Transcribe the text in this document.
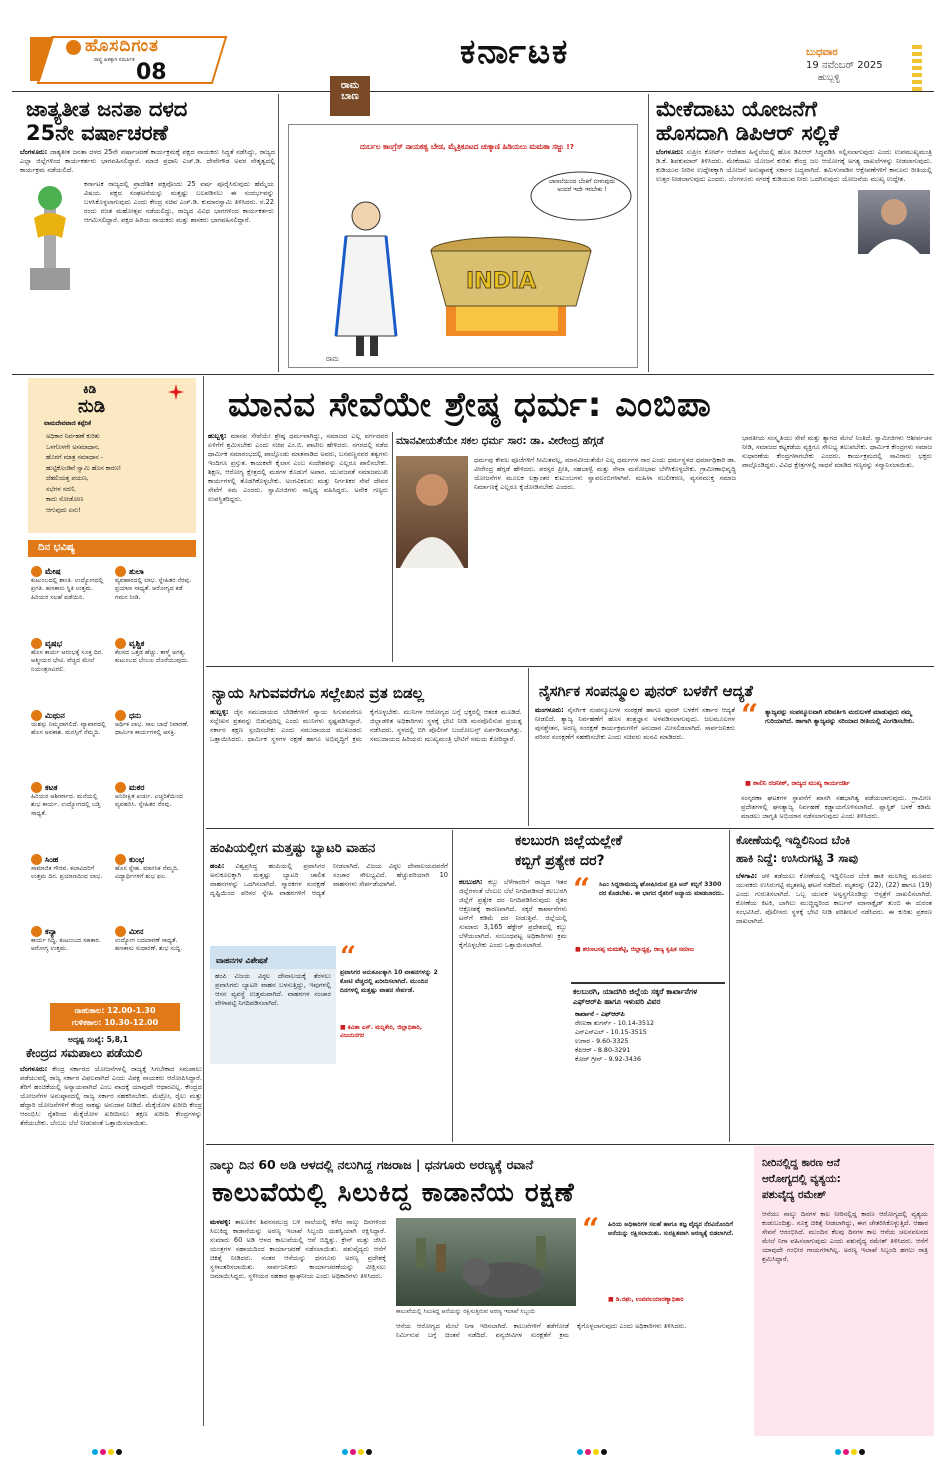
ಹೊಸದಿಗಂತ
ರಾಷ್ಟ್ರ ಹಿತಕ್ಕಾಗಿ ಸಮರ್ಪಿತ 08
ಕರ್ನಾಟಕ	ಬುಧವಾರ
19 ನವೆಂಬರ್ 2025
ಹುಬ್ಬಳ್ಳಿ
ಜಾತ್ಯತೀತ ಜನತಾ ದಳದ
25ನೇ ವರ್ಷಾಚರಣೆ
ಬೆಂಗಳೂರು: ಜಾತ್ಯತೀತ ಜನತಾ ದಳದ 25ನೇ ವರ್ಷಾಚರಣೆ ಕಾರ್ಯಕ್ರಮಕ್ಕೆ ಪಕ್ಷದ ನಾಯಕರು ಸಿದ್ಧತೆ ನಡೆಸಿದ್ದು, ರಾಜ್ಯದ ಎಲ್ಲಾ ಜಿಲ್ಲೆಗಳಿಂದ ಕಾರ್ಯಕರ್ತರು ಭಾಗವಹಿಸಲಿದ್ದಾರೆ. ಮಾಜಿ ಪ್ರಧಾನಿ ಎಚ್.ಡಿ. ದೇವೇಗೌಡ ಅವರ ನೇತೃತ್ವದಲ್ಲಿ ಕಾರ್ಯಕ್ರಮ ನಡೆಯಲಿದೆ.
ಕರ್ನಾಟಕ ರಾಜ್ಯದಲ್ಲಿ ಪ್ರಾದೇಶಿಕ ಪಕ್ಷವೊಂದು 25 ವರ್ಷ ಪೂರೈಸಿರುವುದು ಹೆಮ್ಮೆಯ ವಿಷಯ. ಪಕ್ಷದ ಸಂಘಟನೆಯನ್ನು ಮತ್ತಷ್ಟು ಬಲಪಡಿಸಲು ಈ ಸಂದರ್ಭವನ್ನು ಬಳಸಿಕೊಳ್ಳಲಾಗುವುದು ಎಂದು ಕೇಂದ್ರ ಸಚಿವ ಎಚ್.ಡಿ. ಕುಮಾರಸ್ವಾಮಿ ತಿಳಿಸಿದರು. ನ.22 ರಂದು ರಜತ ಮಹೋತ್ಸವ ನಡೆಯಲಿದ್ದು, ರಾಜ್ಯದ ವಿವಿಧ ಭಾಗಗಳಿಂದ ಕಾರ್ಯಕರ್ತರು ಆಗಮಿಸಲಿದ್ದಾರೆ. ಪಕ್ಷದ ಹಿರಿಯ ನಾಯಕರು ಮತ್ತು ಶಾಸಕರು ಭಾಗವಹಿಸಲಿದ್ದಾರೆ.
ರಾಮ
ಬಾಣ
ದುರ್ಬಲ ಕಾಂಗ್ರೆಸ್ ನಾಯಕತ್ವ ಬೇಡ, ಮೈತ್ರಿಕೂಟದ ಚುಕ್ಕಾಣಿ ಹಿಡಿಯಲು ಮಮತಾ ಸಜ್ಜು !?
INDIA
ರಾಮ
ಬಾಣಲೆಯಿಂದ ಬೆಂಕಿಗೆ ಬೀಳುವುದು ಅಂದರೆ ಇದೇ ಇರಬೇಕು !
ಮೇಕೆದಾಟು ಯೋಜನೆಗೆ
ಹೊಸದಾಗಿ ಡಿಪಿಆರ್ ಸಲ್ಲಿಕೆ
ಬೆಂಗಳೂರು: ಸುಪ್ರೀಂ ಕೋರ್ಟ್ ಆದೇಶದ ಹಿನ್ನೆಲೆಯಲ್ಲಿ ಹೊಸ ಡಿಪಿಆರ್ ಸಿದ್ಧಪಡಿಸಿ ಸಲ್ಲಿಸಲಾಗುವುದು ಎಂದು ಉಪಮುಖ್ಯಮಂತ್ರಿ ಡಿ.ಕೆ. ಶಿವಕುಮಾರ್ ತಿಳಿಸಿದರು. ಮೇಕೆದಾಟು ಯೋಜನೆ ಕುರಿತು ಕೇಂದ್ರ ಜಲ ಆಯೋಗಕ್ಕೆ ಅಗತ್ಯ ದಾಖಲೆಗಳನ್ನು ನೀಡಲಾಗುವುದು. ಕುಡಿಯುವ ನೀರಿನ ಉದ್ದೇಶಕ್ಕಾಗಿ ಯೋಜನೆ ಅನುಷ್ಠಾನಕ್ಕೆ ಸರ್ಕಾರ ಬದ್ಧವಾಗಿದೆ. ತಮಿಳುನಾಡಿನ ಆಕ್ಷೇಪಣೆಗಳಿಗೆ ಕಾನೂನು ರೀತಿಯಲ್ಲಿ ಉತ್ತರ ನೀಡಲಾಗುವುದು ಎಂದರು. ಬೆಂಗಳೂರು ನಗರಕ್ಕೆ ಕುಡಿಯುವ ನೀರು ಒದಗಿಸುವುದು ಯೋಜನೆಯ ಮುಖ್ಯ ಉದ್ದೇಶ.
ಕಿಡಿ
ನುಡಿ
ವಾಮದೇವವಾಣಿ ಕಪ್ಪೆರಿಕೆ
ಅಧಿಕಾರ ನಿರ್ವಹಣೆ ಕುರಿತು
ಒಳಗೊಳಗೇ ಅಸಮಾಧಾನ,
ಹೊರಗೆ ಮಾತ್ರ ಸಮಾಧಾನ -
ಹುಟ್ಟಿಕೊಂಡಿವೆ ಸ್ವಾಮಿ ಹೊಸ ಕಾರಣ!
ದೆಹಲಿಯತ್ತ ಪಯಣ,
ಸಭೆಗಳ ಸರಣಿ,
ಕಾದು ನೋಡೋಣ
ಆಗುವುದು ಏನು!
ದಿನ ಭವಿಷ್ಯ
ಮೇಷ
ಕುಟುಂಬದಲ್ಲಿ ಶಾಂತಿ. ಉದ್ಯೋಗದಲ್ಲಿ ಪ್ರಗತಿ. ಹಣಕಾಸು ಸ್ಥಿತಿ ಉತ್ತಮ. ಹಿರಿಯರ ಸಲಹೆ ಪಡೆಯಿರಿ.
ತುಲಾ
ವ್ಯವಹಾರದಲ್ಲಿ ಲಾಭ. ಸ್ನೇಹಿತರ ನೆರವು. ಪ್ರಯಾಣ ಸಾಧ್ಯತೆ. ಆರೋಗ್ಯದ ಕಡೆ ಗಮನ ನೀಡಿ.
ವೃಷಭ
ಹೊಸ ಕಾರ್ಯ ಆರಂಭಕ್ಕೆ ಸೂಕ್ತ ದಿನ. ಆತ್ಮೀಯರ ಭೇಟಿ. ವೆಚ್ಚದ ಮೇಲೆ ನಿಯಂತ್ರಣವಿರಲಿ.
ವೃಶ್ಚಿಕ
ಕೆಲಸದ ಒತ್ತಡ ಹೆಚ್ಚು. ತಾಳ್ಮೆ ಅಗತ್ಯ. ಕುಟುಂಬದ ಬೆಂಬಲ ದೊರೆಯುವುದು.
ಮಿಥುನ
ಯಶಸ್ಸು ನಿಮ್ಮದಾಗಲಿದೆ. ವ್ಯಾಪಾರದಲ್ಲಿ ಹೊಸ ಅವಕಾಶ. ಮನಸ್ಸಿಗೆ ನೆಮ್ಮದಿ.
ಧನು
ಆರ್ಥಿಕ ಲಾಭ. ಸಾಲ ಬಾಧೆ ನಿವಾರಣೆ. ಧಾರ್ಮಿಕ ಕಾರ್ಯಗಳಲ್ಲಿ ಆಸಕ್ತಿ.
ಕಟಕ
ಹಿರಿಯರ ಆಶೀರ್ವಾದ. ಮನೆಯಲ್ಲಿ ಶುಭ ಕಾರ್ಯ. ಉದ್ಯೋಗದಲ್ಲಿ ಬಡ್ತಿ ಸಾಧ್ಯತೆ.
ಮಕರ
ಅನಿರೀಕ್ಷಿತ ಖರ್ಚು. ಎಚ್ಚರಿಕೆಯಿಂದ ವ್ಯವಹರಿಸಿ. ಸ್ನೇಹಿತರ ನೆರವು.
ಸಿಂಹ
ಸಾಮಾಜಿಕ ಗೌರವ. ಕಲಾವಿದರಿಗೆ ಉತ್ತಮ ದಿನ. ಪ್ರಯಾಣದಿಂದ ಲಾಭ.
ಕುಂಭ
ಹೊಸ ಸ್ನೇಹ. ಮಾನಸಿಕ ನೆಮ್ಮದಿ. ವಿದ್ಯಾರ್ಥಿಗಳಿಗೆ ಶುಭ ಫಲ.
ಕನ್ಯಾ
ಕಾರ್ಯ ಸಿದ್ಧಿ. ಕುಟುಂಬದ ಸಹಕಾರ. ಆರೋಗ್ಯ ಉತ್ತಮ.
ಮೀನ
ಉದ್ಯೋಗ ಬದಲಾವಣೆ ಸಾಧ್ಯತೆ. ಹಣಕಾಸು ಸುಧಾರಣೆ. ಶುಭ ಸುದ್ದಿ.
ರಾಹುಕಾಲ: 12.00-1.30
ಗುಳಿಕಕಾಲ: 10.30-12.00
ಅದೃಷ್ಟ ಸಂಖ್ಯೆ: 5,8,1
ಕೇಂದ್ರದ ಸಮಪಾಲು ಪಡೆಯಲಿ
ಬೆಂಗಳೂರು: ಕೇಂದ್ರ ಸರ್ಕಾರದ ಯೋಜನೆಗಳಲ್ಲಿ ರಾಜ್ಯಕ್ಕೆ ಸಿಗಬೇಕಾದ ಸಮಪಾಲು ಪಡೆಯುವಲ್ಲಿ ರಾಜ್ಯ ಸರ್ಕಾರ ವಿಫಲವಾಗಿದೆ ಎಂದು ವಿಪಕ್ಷ ನಾಯಕರು ಆರೋಪಿಸಿದ್ದಾರೆ. ತೆರಿಗೆ ಹಂಚಿಕೆಯಲ್ಲಿ ಅನ್ಯಾಯವಾಗಿದೆ ಎಂಬ ವಾದಕ್ಕೆ ಯಾವುದೇ ಆಧಾರವಿಲ್ಲ. ಕೇಂದ್ರದ ಯೋಜನೆಗಳ ಅನುಷ್ಠಾನದಲ್ಲಿ ರಾಜ್ಯ ಸರ್ಕಾರ ಸಹಕರಿಸಬೇಕು. ಮೆಟ್ರೋ, ರೈಲು ಮತ್ತು ಹೆದ್ದಾರಿ ಯೋಜನೆಗಳಿಗೆ ಕೇಂದ್ರ ಸಾಕಷ್ಟು ಅನುದಾನ ನೀಡಿದೆ. ಮೆಕ್ಕೆಜೋಳ ಖರೀದಿ ಕೇಂದ್ರ ಆರಂಭಿಸಿ: ರೈತರಿಂದ ಮೆಕ್ಕೆಜೋಳ ಖರೀದಿಸಲು ತಕ್ಷಣ ಖರೀದಿ ಕೇಂದ್ರಗಳನ್ನು ತೆರೆಯಬೇಕು. ಬೆಂಬಲ ಬೆಲೆ ನೀಡುವಂತೆ ಒತ್ತಾಯಿಸಲಾಯಿತು.
ಮಾನವ ಸೇವೆಯೇ ಶ್ರೇಷ್ಠ ಧರ್ಮ: ಎಂಬಿಪಾ
ಹುಬ್ಬಳ್ಳಿ: ಮಾನವ ಸೇವೆಯೇ ಶ್ರೇಷ್ಠ ಧರ್ಮವಾಗಿದ್ದು, ಸಮಾಜದ ಎಲ್ಲ ವರ್ಗದವರ ಏಳಿಗೆಗೆ ಶ್ರಮಿಸಬೇಕು ಎಂದು ಸಚಿವ ಎಂ.ಬಿ. ಪಾಟೀಲ ಹೇಳಿದರು. ನಗರದಲ್ಲಿ ನಡೆದ ಧಾರ್ಮಿಕ ಸಮಾರಂಭದಲ್ಲಿ ಪಾಲ್ಗೊಂಡು ಮಾತನಾಡಿದ ಅವರು, ಬಸವಣ್ಣನವರ ತತ್ವಗಳು ಇಂದಿಗೂ ಪ್ರಸ್ತುತ. ಕಾಯಕವೇ ಕೈಲಾಸ ಎಂಬ ಸಂದೇಶವನ್ನು ಎಲ್ಲರೂ ಪಾಲಿಸಬೇಕು. ಶಿಕ್ಷಣ, ಆರೋಗ್ಯ ಕ್ಷೇತ್ರದಲ್ಲಿ ಮಠಗಳ ಕೊಡುಗೆ ಅಪಾರ. ಯುವಜನತೆ ಸಮಾಜಮುಖಿ ಕಾರ್ಯಗಳಲ್ಲಿ ತೊಡಗಿಕೊಳ್ಳಬೇಕು. ಅಂಗವಿಕಲರು ಮತ್ತು ನಿರ್ಗತಿಕರ ಸೇವೆ ದೇವರ ಸೇವೆಗೆ ಸಮ ಎಂದರು. ಸ್ವಾಮೀಜಿಗಳು ಸಾನ್ನಿಧ್ಯ ವಹಿಸಿದ್ದರು. ಅನೇಕ ಗಣ್ಯರು ಉಪಸ್ಥಿತರಿದ್ದರು.
ಮಾನವೀಯತೆಯೇ ಸಕಲ ಧರ್ಮ ಸಾರ: ಡಾ. ವೀರೇಂದ್ರ ಹೆಗ್ಗಡೆ
ಧರ್ಮವು ಕೇವಲ ಪೂಜೆಗಳಿಗೆ ಸೀಮಿತವಲ್ಲ, ಮಾನವೀಯತೆಯೇ ಎಲ್ಲ ಧರ್ಮಗಳ ಸಾರ ಎಂದು ಧರ್ಮಸ್ಥಳದ ಧರ್ಮಾಧಿಕಾರಿ ಡಾ. ವೀರೇಂದ್ರ ಹೆಗ್ಗಡೆ ಹೇಳಿದರು. ಪರಸ್ಪರ ಪ್ರೀತಿ, ಸಹಬಾಳ್ವೆ ಮತ್ತು ಸೇವಾ ಮನೋಭಾವ ಬೆಳೆಸಿಕೊಳ್ಳಬೇಕು. ಗ್ರಾಮೀಣಾಭಿವೃದ್ಧಿ ಯೋಜನೆಗಳ ಮೂಲಕ ಲಕ್ಷಾಂತರ ಕುಟುಂಬಗಳು ಸ್ವಾವಲಂಬಿಗಳಾಗಿವೆ. ಮಹಿಳಾ ಸಬಲೀಕರಣ, ವ್ಯಸನಮುಕ್ತ ಸಮಾಜ ನಿರ್ಮಾಣಕ್ಕೆ ಎಲ್ಲರೂ ಕೈಜೋಡಿಸಬೇಕು ಎಂದರು.
ಭಾರತೀಯ ಸಂಸ್ಕೃತಿಯು ಸೇವೆ ಮತ್ತು ತ್ಯಾಗದ ಮೇಲೆ ನಿಂತಿದೆ. ಸ್ವಾಮೀಜಿಗಳು ಆಶೀರ್ವಚನ ನೀಡಿ, ಸಮಾಜದ ಕಟ್ಟಕಡೆಯ ವ್ಯಕ್ತಿಗೂ ಸೌಲಭ್ಯ ತಲುಪಬೇಕು. ಧಾರ್ಮಿಕ ಕೇಂದ್ರಗಳು ಸಮಾಜ ಸುಧಾರಣೆಯ ಕೇಂದ್ರಗಳಾಗಬೇಕು ಎಂದರು. ಕಾರ್ಯಕ್ರಮದಲ್ಲಿ ಸಾವಿರಾರು ಭಕ್ತರು ಪಾಲ್ಗೊಂಡಿದ್ದರು. ವಿವಿಧ ಕ್ಷೇತ್ರಗಳಲ್ಲಿ ಸಾಧನೆ ಮಾಡಿದ ಗಣ್ಯರನ್ನು ಸನ್ಮಾನಿಸಲಾಯಿತು.
ನ್ಯಾಯ ಸಿಗುವವರೆಗೂ ಸಲ್ಲೇಖನ ವ್ರತ ಬಿಡಲ್ಲ
ಹುಬ್ಬಳ್ಳಿ: ಜೈನ ಸಮುದಾಯದ ಬೇಡಿಕೆಗಳಿಗೆ ನ್ಯಾಯ ಸಿಗುವವರೆಗೂ ಸಲ್ಲೇಖನ ವ್ರತವನ್ನು ಬಿಡುವುದಿಲ್ಲ ಎಂದು ಮುನಿಗಳು ಸ್ಪಷ್ಟಪಡಿಸಿದ್ದಾರೆ. ಸರ್ಕಾರ ತಕ್ಷಣ ಸ್ಪಂದಿಸಬೇಕು ಎಂದು ಸಮುದಾಯದ ಮುಖಂಡರು ಒತ್ತಾಯಿಸಿದರು. ಧಾರ್ಮಿಕ ಸ್ಥಳಗಳ ರಕ್ಷಣೆ ಹಾಗೂ ಅಭಿವೃದ್ಧಿಗೆ ಕ್ರಮ ಕೈಗೊಳ್ಳಬೇಕು. ಮುನಿಗಳ ಆರೋಗ್ಯದ ಬಗ್ಗೆ ಭಕ್ತರಲ್ಲಿ ಆತಂಕ ಮೂಡಿದೆ. ಜಿಲ್ಲಾಡಳಿತ ಅಧಿಕಾರಿಗಳು ಸ್ಥಳಕ್ಕೆ ಭೇಟಿ ನೀಡಿ ಮನವೊಲಿಸುವ ಪ್ರಯತ್ನ ನಡೆಸಿದರು. ಸ್ಥಳದಲ್ಲಿ ಬಿಗಿ ಪೊಲೀಸ್ ಬಂದೋಬಸ್ತ್ ಏರ್ಪಡಿಸಲಾಗಿತ್ತು. ಸಮುದಾಯದ ಹಿರಿಯರು ಮುಖ್ಯಮಂತ್ರಿ ಭೇಟಿಗೆ ಸಮಯ ಕೋರಿದ್ದಾರೆ.
ನೈಸರ್ಗಿಕ ಸಂಪನ್ಮೂಲ ಪುನರ್ ಬಳಕೆಗೆ ಆದ್ಯತೆ
ಮಂಗಳೂರು: ನೈಸರ್ಗಿಕ ಸಂಪನ್ಮೂಲಗಳ ಸಂರಕ್ಷಣೆ ಹಾಗೂ ಪುನರ್ ಬಳಕೆಗೆ ಸರ್ಕಾರ ಆದ್ಯತೆ ನೀಡಲಿದೆ. ತ್ಯಾಜ್ಯ ನಿರ್ವಹಣೆಗೆ ಹೊಸ ತಂತ್ರಜ್ಞಾನ ಅಳವಡಿಸಲಾಗುವುದು. ಜಲಮೂಲಗಳ ಪುನಶ್ಚೇತನ, ಅರಣ್ಯ ಸಂರಕ್ಷಣೆ ಕಾರ್ಯಕ್ರಮಗಳಿಗೆ ಅನುದಾನ ಮೀಸಲಿಡಲಾಗಿದೆ. ಸಾರ್ವಜನಿಕರು ಪರಿಸರ ಸಂರಕ್ಷಣೆಗೆ ಸಹಕರಿಸಬೇಕು ಎಂದು ಸಚಿವರು ಮನವಿ ಮಾಡಿದರು.
“ ತ್ಯಾಜ್ಯವನ್ನು ಸಂಪನ್ಮೂಲವಾಗಿ ಪರಿವರ್ತಿಸಿ ಮರುಬಳಕೆ ಮಾಡುವುದು ನಮ್ಮ ಗುರಿಯಾಗಿದೆ. ಹಾಗಾಗಿ ತ್ಯಾಜ್ಯವನ್ನು ಸರಿಯಾದ ರೀತಿಯಲ್ಲಿ ವಿಂಗಡಿಸಬೇಕು.
■ ಶಾಲಿನಿ ರಜನೀಶ್, ರಾಜ್ಯದ ಮುಖ್ಯ ಕಾರ್ಯದರ್ಶಿ
ಸಂಸ್ಕರಣಾ ಘಟಕಗಳ ಸ್ಥಾಪನೆಗೆ ಖಾಸಗಿ ಸಹಭಾಗಿತ್ವ ಪಡೆಯಲಾಗುವುದು. ಗ್ರಾಮೀಣ ಪ್ರದೇಶಗಳಲ್ಲಿ ಘನತ್ಯಾಜ್ಯ ನಿರ್ವಹಣೆ ಕಡ್ಡಾಯಗೊಳಿಸಲಾಗಿದೆ. ಪ್ಲಾಸ್ಟಿಕ್ ಬಳಕೆ ಕಡಿಮೆ ಮಾಡಲು ಜಾಗೃತಿ ಅಭಿಯಾನ ನಡೆಸಲಾಗುವುದು ಎಂದು ತಿಳಿಸಿದರು.
ಹಂಪಿಯಲ್ಲೀಗ ಮತ್ತಷ್ಟು ಬ್ಯಾಟರಿ ವಾಹನ
ಹಂಪಿ: ವಿಶ್ವಪ್ರಸಿದ್ಧ ಹಂಪಿಯಲ್ಲಿ ಪ್ರವಾಸಿಗರ ಅನುಕೂಲಕ್ಕಾಗಿ ಮತ್ತಷ್ಟು ಬ್ಯಾಟರಿ ಚಾಲಿತ ವಾಹನಗಳನ್ನು ಒದಗಿಸಲಾಗಿದೆ. ಸ್ಮಾರಕಗಳ ಸಂರಕ್ಷಣೆ ದೃಷ್ಟಿಯಿಂದ ಪರಿಸರ ಸ್ನೇಹಿ ವಾಹನಗಳಿಗೆ ಆದ್ಯತೆ ನೀಡಲಾಗಿದೆ. ವಿಜಯ ವಿಠ್ಠಲ ದೇವಾಲಯದವರೆಗೆ ಸಂಚಾರ ಸೌಲಭ್ಯವಿದೆ. ಹೆಚ್ಚುವರಿಯಾಗಿ 10 ವಾಹನಗಳು ಸೇರ್ಪಡೆಯಾಗಿವೆ.
ವಾಹನಗಳ ವಿಶೇಷತೆ
ಹಂಪಿ ವಿಜಯ ವಿಠ್ಠಲ ದೇವಾಲಯಕ್ಕೆ ತೆರಳಲು ಪ್ರವಾಸಿಗರು ಬ್ಯಾಟರಿ ವಾಹನ ಬಳಸುತ್ತಿದ್ದು, ಇವುಗಳಲ್ಲಿ ಆಸನ ವ್ಯವಸ್ಥೆ ಉತ್ತಮವಾಗಿದೆ. ವಾಹನಗಳ ಸಂಚಾರ ವೇಳಾಪಟ್ಟಿ ನಿಗದಿಪಡಿಸಲಾಗಿದೆ.
“
ಪ್ರವಾಸಿಗರ ಅನುಕೂಲಕ್ಕಾಗಿ 10 ವಾಹನಗಳನ್ನು 2 ಕೋಟಿ ವೆಚ್ಚದಲ್ಲಿ ಖರೀದಿಸಲಾಗಿದೆ. ಮುಂದಿನ ದಿನಗಳಲ್ಲಿ ಮತ್ತಷ್ಟು ವಾಹನ ಸೇರ್ಪಡೆ.
■ ಕವಿತಾ ಎಸ್. ಮನ್ನಿಕೇರಿ, ಜಿಲ್ಲಾಧಿಕಾರಿ, ವಿಜಯನಗರ
ಕಲಬುರಗಿ ಜಿಲ್ಲೆಯಲ್ಲೇಕೆ
ಕಬ್ಬಿಗೆ ಪ್ರತ್ಯೇಕ ದರ?
ಕಲಬುರಗಿ: ಕಬ್ಬು ಬೆಳೆಗಾರರಿಗೆ ರಾಜ್ಯದ ಇತರ ಜಿಲ್ಲೆಗಳಂತೆ ಬೆಂಬಲ ಬೆಲೆ ನಿಗದಿಪಡಿಸದೆ ಕಲಬುರಗಿ ಜಿಲ್ಲೆಗೆ ಪ್ರತ್ಯೇಕ ದರ ನಿಗದಿಪಡಿಸಿರುವುದು ರೈತರ ಆಕ್ರೋಶಕ್ಕೆ ಕಾರಣವಾಗಿದೆ. ಸಕ್ಕರೆ ಕಾರ್ಖಾನೆಗಳು ಟನ್‌ಗೆ ಕಡಿಮೆ ದರ ನೀಡುತ್ತಿವೆ. ಜಿಲ್ಲೆಯಲ್ಲಿ ಸುಮಾರು 3,165 ಹೆಕ್ಟೇರ್ ಪ್ರದೇಶದಲ್ಲಿ ಕಬ್ಬು ಬೆಳೆಯಲಾಗಿದೆ. ಸಂಬಂಧಪಟ್ಟ ಅಧಿಕಾರಿಗಳು ಕ್ರಮ ಕೈಗೊಳ್ಳಬೇಕು ಎಂದು ಒತ್ತಾಯಿಸಲಾಗಿದೆ.
“ ಸಿಎಂ ಸಿದ್ದರಾಮಯ್ಯ ಘೋಷಿಸಿರುವ ಪ್ರತಿ ಟನ್ ಕಬ್ಬಿಗೆ 3300 ದರ ಕೊಡಬೇಕು. ಈ ಭಾಗದ ರೈತರಿಗೆ ಅನ್ಯಾಯ ಮಾಡಬಾರದು.
■ ಶರಣಬಸಪ್ಪ ಮಮಶೆಟ್ಟಿ, ಜಿಲ್ಲಾಧ್ಯಕ್ಷ, ರಾಜ್ಯ ಕೃಷಿಕ ಸಮಾಜ
ಕಲಬುರಗಿ, ಯಾದಗಿರಿ ಜಿಲ್ಲೆಯ ಸಕ್ಕರೆ ಕಾರ್ಖಾನೆಗಳ ಎಫ್‌ಆರ್‌ಪಿ ಹಾಗೂ ಇಳುವರಿ ವಿವರ
ಕಾರ್ಖಾನೆ - ಎಫ್‌ಆರ್‌ಪಿ
ರೇಣುಕಾ ಶುಗರ್ಸ್ - 10.14-3512
ಎನ್ಎಸ್ಎಲ್ - 10.15-3515
ಉಗಾರ - 9.60-3325
ಕೆಪಿಆರ್ - 8.80-3291
ಕೋರ್ ಗ್ರೀನ್ - 9.92-3436
ಕೋಣೆಯಲ್ಲಿ ಇದ್ದಿಲಿನಿಂದ ಬೆಂಕಿ
ಹಾಕಿ ನಿದ್ದೆ: ಉಸಿರುಗಟ್ಟಿ 3 ಸಾವು
ಬೆಳಗಾವಿ: ಚಳಿ ತಡೆಯಲು ಕೋಣೆಯಲ್ಲಿ ಇದ್ದಿಲಿನಿಂದ ಬೆಂಕಿ ಹಾಕಿ ಮಲಗಿದ್ದ ಮೂವರು ಯುವಕರು ಉಸಿರುಗಟ್ಟಿ ಮೃತಪಟ್ಟ ಘಟನೆ ನಡೆದಿದೆ. ಮೃತರನ್ನು (22), (22) ಹಾಗೂ (19) ಎಂದು ಗುರುತಿಸಲಾಗಿದೆ. ಒಬ್ಬ ಯುವಕ ಅಸ್ವಸ್ಥಗೊಂಡಿದ್ದು ಆಸ್ಪತ್ರೆಗೆ ದಾಖಲಿಸಲಾಗಿದೆ. ಕೋಣೆಯ ಕಿಟಕಿ, ಬಾಗಿಲು ಮುಚ್ಚಿದ್ದರಿಂದ ಕಾರ್ಬನ್ ಮಾನಾಕ್ಸೈಡ್ ತುಂಬಿ ಈ ದುರಂತ ಸಂಭವಿಸಿದೆ. ಪೊಲೀಸರು ಸ್ಥಳಕ್ಕೆ ಭೇಟಿ ನೀಡಿ ಪರಿಶೀಲನೆ ನಡೆಸಿದರು. ಈ ಕುರಿತು ಪ್ರಕರಣ ದಾಖಲಾಗಿದೆ.
ನಾಲ್ಕು ದಿನ 60 ಅಡಿ ಆಳದಲ್ಲಿ ನಲುಗಿದ್ದ ಗಜರಾಜ | ಧನಗೂರು ಅರಣ್ಯಕ್ಕೆ ರವಾನೆ
ಕಾಲುವೆಯಲ್ಲಿ ಸಿಲುಕಿದ್ದ ಕಾಡಾನೆಯ ರಕ್ಷಣೆ
ಮಳವಳ್ಳಿ: ತಾಲೂಕಿನ ಶಿವನಸಮುದ್ರ ಬಳಿ ನಾಲೆಯಲ್ಲಿ ಕಳೆದ ನಾಲ್ಕು ದಿನಗಳಿಂದ ಸಿಲುಕಿದ್ದ ಕಾಡಾನೆಯನ್ನು ಅರಣ್ಯ ಇಲಾಖೆ ಸಿಬ್ಬಂದಿ ಯಶಸ್ವಿಯಾಗಿ ರಕ್ಷಿಸಿದ್ದಾರೆ. ಸುಮಾರು 60 ಅಡಿ ಆಳದ ಕಾಲುವೆಯಲ್ಲಿ ಆನೆ ಬಿದ್ದಿತ್ತು. ಕ್ರೇನ್ ಮತ್ತು ಜೆಸಿಬಿ ಯಂತ್ರಗಳ ಸಹಾಯದಿಂದ ಕಾರ್ಯಾಚರಣೆ ನಡೆಸಲಾಯಿತು. ಪಶುವೈದ್ಯರು ಆನೆಗೆ ಚಿಕಿತ್ಸೆ ನೀಡಿದರು. ನಂತರ ಆನೆಯನ್ನು ಧನಗೂರು ಅರಣ್ಯ ಪ್ರದೇಶಕ್ಕೆ ಸ್ಥಳಾಂತರಿಸಲಾಯಿತು. ಸಾರ್ವಜನಿಕರು ಕಾರ್ಯಾಚರಣೆಯನ್ನು ವೀಕ್ಷಿಸಲು ಜಮಾಯಿಸಿದ್ದರು. ಸ್ಥಳೀಯರ ಸಹಕಾರ ಶ್ಲಾಘನೀಯ ಎಂದು ಅಧಿಕಾರಿಗಳು ತಿಳಿಸಿದರು.
ಕಾಲುವೆಯಲ್ಲಿ ಸಿಲುಕಿದ್ದ ಆನೆಯನ್ನು ರಕ್ಷಿಸುತ್ತಿರುವ ಅರಣ್ಯ ಇಲಾಖೆ ಸಿಬ್ಬಂದಿ
“ ಹಿರಿಯ ಅಧಿಕಾರಿಗಳ ಸಲಹೆ ಹಾಗೂ ತಜ್ಞ ವೈದ್ಯರ ನೆರವಿನೊಂದಿಗೆ ಆನೆಯನ್ನು ರಕ್ಷಿಸಲಾಯಿತು. ಸುರಕ್ಷಿತವಾಗಿ ಅರಣ್ಯಕ್ಕೆ ಬಿಡಲಾಗಿದೆ.
■ ಡಿ.ರಘು, ಉಪವಲಯಾರಣ್ಯಾಧಿಕಾರಿ
ಆನೆಯ ಆರೋಗ್ಯದ ಮೇಲೆ ನಿಗಾ ಇರಿಸಲಾಗಿದೆ. ಕಾಲುವೆಗಳಿಗೆ ತಡೆಗೋಡೆ ನಿರ್ಮಿಸುವ ಬಗ್ಗೆ ಚಿಂತನೆ ನಡೆದಿದೆ. ವನ್ಯಜೀವಿಗಳ ಸುರಕ್ಷತೆಗೆ ಕ್ರಮ ಕೈಗೊಳ್ಳಲಾಗುವುದು ಎಂದು ಅಧಿಕಾರಿಗಳು ತಿಳಿಸಿದರು.
ನೀರಿನಲ್ಲಿದ್ದ ಕಾರಣ ಆನೆ
ಆರೋಗ್ಯದಲ್ಲಿ ವ್ಯತ್ಯಯ:
ಪಶುವೈದ್ಯ ರಮೇಶ್
ಆನೆಯು ನಾಲ್ಕು ದಿನಗಳ ಕಾಲ ನೀರಿನಲ್ಲಿದ್ದ ಕಾರಣ ಆರೋಗ್ಯದಲ್ಲಿ ವ್ಯತ್ಯಯ ಕಂಡುಬಂದಿತ್ತು. ಸೂಕ್ತ ಚಿಕಿತ್ಸೆ ನೀಡಲಾಗಿದ್ದು, ಈಗ ಚೇತರಿಸಿಕೊಳ್ಳುತ್ತಿದೆ. ಆಹಾರ ಸೇವನೆ ಆರಂಭಿಸಿದೆ. ಮುಂದಿನ ಕೆಲವು ದಿನಗಳ ಕಾಲ ಆನೆಯ ಚಲನವಲನದ ಮೇಲೆ ನಿಗಾ ವಹಿಸಲಾಗುವುದು ಎಂದು ಪಶುವೈದ್ಯ ರಮೇಶ್ ತಿಳಿಸಿದರು. ಆನೆಗೆ ಯಾವುದೇ ಗಂಭೀರ ಗಾಯಗಳಾಗಿಲ್ಲ. ಅರಣ್ಯ ಇಲಾಖೆ ಸಿಬ್ಬಂದಿ ಹಗಲು ರಾತ್ರಿ ಶ್ರಮಿಸಿದ್ದಾರೆ.
